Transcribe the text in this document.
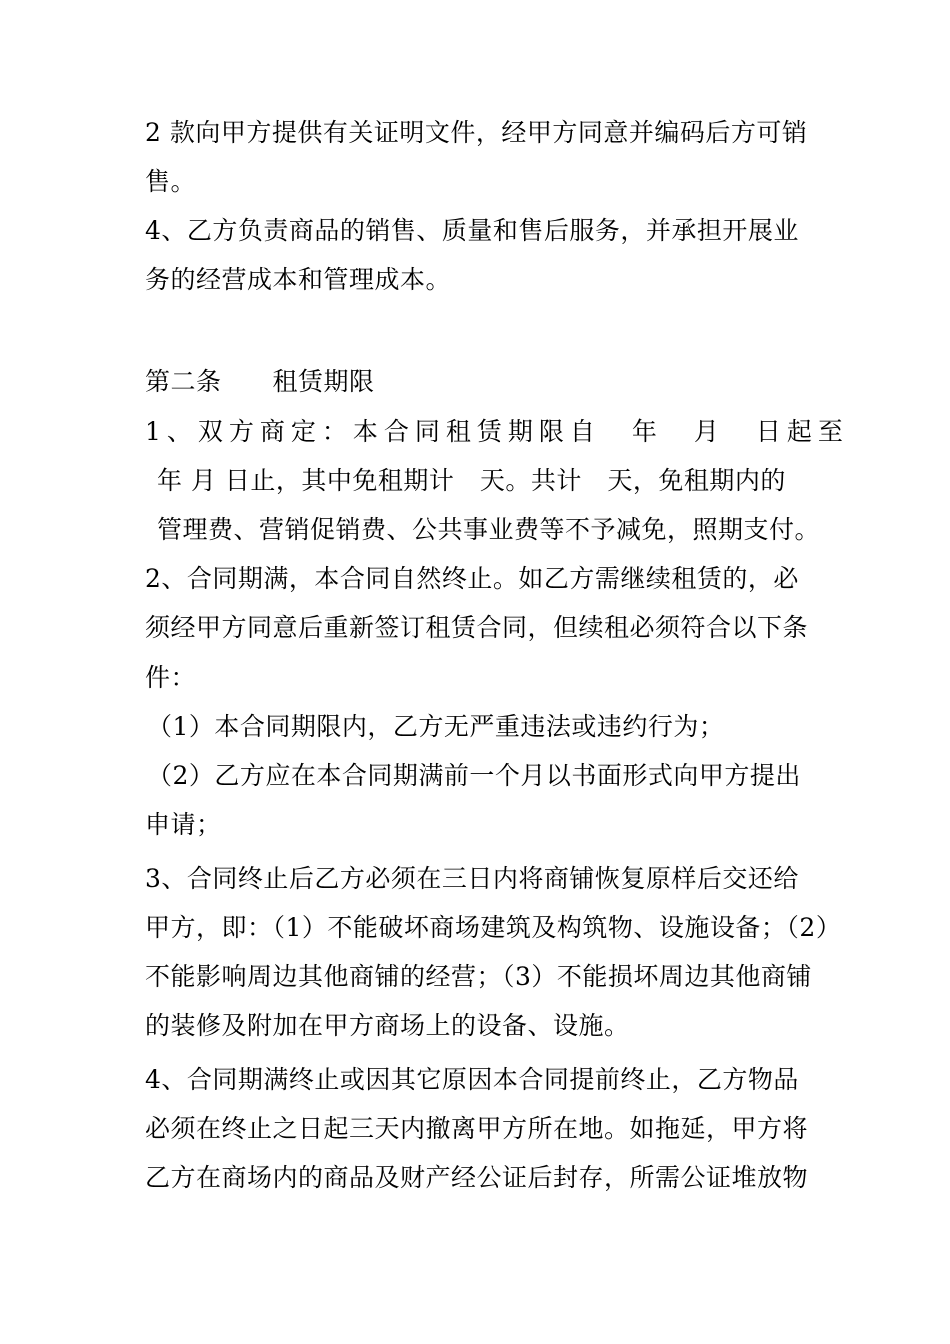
2 款向甲方提供有关证明文件，经甲方同意并编码后方可销
售。
4、乙方负责商品的销售、质量和售后服务，并承担开展业
务的经营成本和管理成本。
第二条　　租赁期限
1、双方商定：本合同租赁期限自　年　月　日起至
年 月 日止，其中免租期计　天。共计　天，免租期内的
管理费、营销促销费、公共事业费等不予减免，照期支付。
2、合同期满，本合同自然终止。如乙方需继续租赁的，必
须经甲方同意后重新签订租赁合同，但续租必须符合以下条
件：
（1）本合同期限内，乙方无严重违法或违约行为；
（2）乙方应在本合同期满前一个月以书面形式向甲方提出
申请；
3、合同终止后乙方必须在三日内将商铺恢复原样后交还给
甲方，即：（1）不能破坏商场建筑及构筑物、设施设备；（2）
不能影响周边其他商铺的经营；（3）不能损坏周边其他商铺
的装修及附加在甲方商场上的设备、设施。
4、合同期满终止或因其它原因本合同提前终止，乙方物品
必须在终止之日起三天内撤离甲方所在地。如拖延，甲方将
乙方在商场内的商品及财产经公证后封存，所需公证堆放物
